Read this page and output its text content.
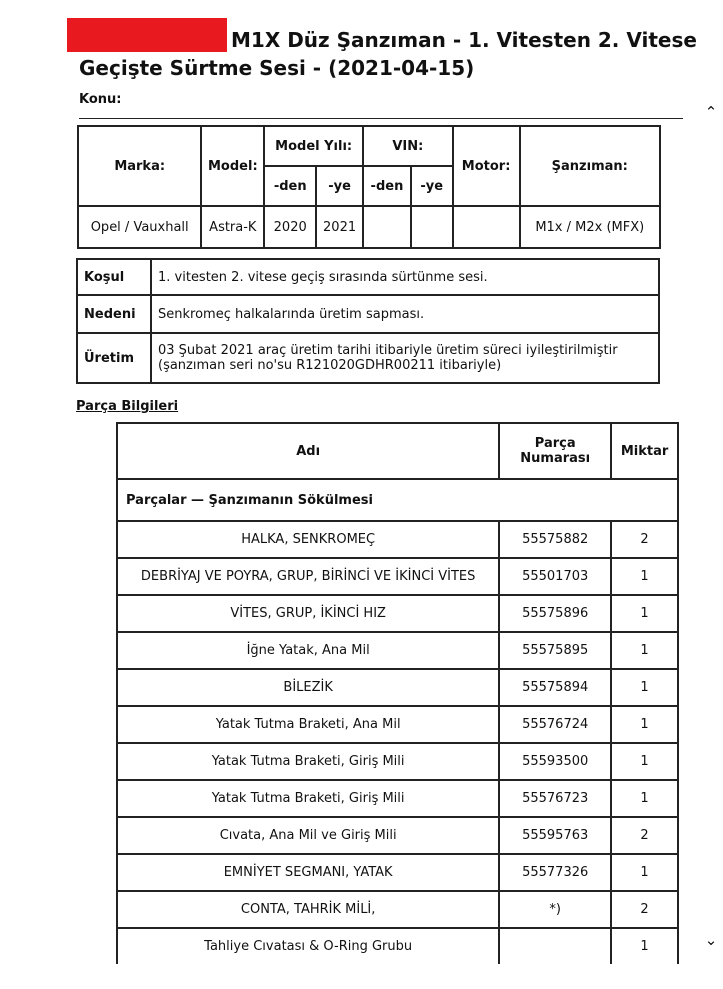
M1X Düz Şanzıman - 1. Vitesten 2. Vitese
Geçişte Sürtme Sesi - (2021-04-15)
Konu:
⌃
⌄
Marka:	Model:	Model Yılı:		VIN:		Motor:	Şanzıman:
		-den	-ye	-den	-ye		
Opel / Vauxhall	Astra-K	2020	2021				M1x / M2x (MFX)
Koşul	1. vitesten 2. vitese geçiş sırasında sürtünme sesi.
Nedeni	Senkromeç halkalarında üretim sapması.
Üretim	03 Şubat 2021 araç üretim tarihi itibariyle üretim süreci iyileştirilmiştir (şanzıman seri no'su R121020GDHR00211 itibariyle)
Parça Bilgileri
Adı	Parça Numarası	Miktar
Parçalar — Şanzımanın Sökülmesi		
HALKA, SENKROMEÇ	55575882	2
DEBRİYAJ VE POYRA, GRUP, BİRİNCİ VE İKİNCİ VİTES	55501703	1
VİTES, GRUP, İKİNCİ HIZ	55575896	1
İğne Yatak, Ana Mil	55575895	1
BİLEZİK	55575894	1
Yatak Tutma Braketi, Ana Mil	55576724	1
Yatak Tutma Braketi, Giriş Mili	55593500	1
Yatak Tutma Braketi, Giriş Mili	55576723	1
Cıvata, Ana Mil ve Giriş Mili	55595763	2
EMNİYET SEGMANI, YATAK	55577326	1
CONTA, TAHRİK MİLİ,	*)	2
Tahliye Cıvatası & O-Ring Grubu		1
